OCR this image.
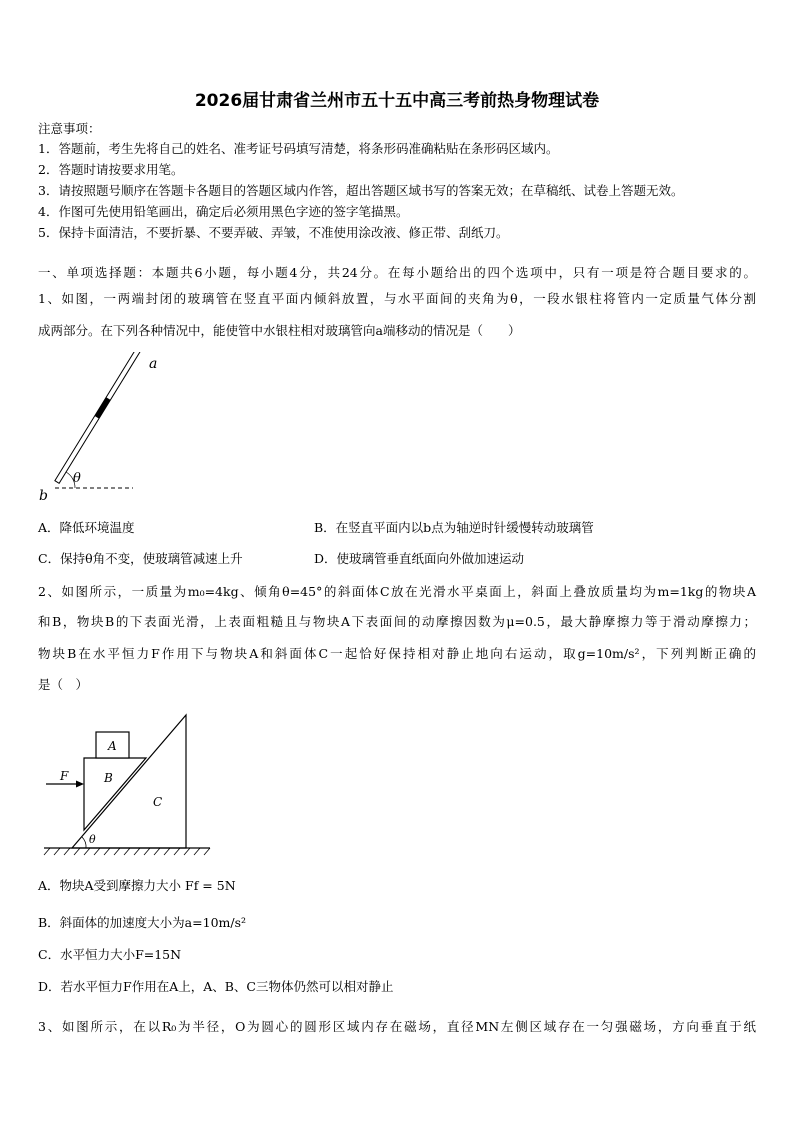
2026届甘肃省兰州市五十五中高三考前热身物理试卷
注意事项：
1．答题前，考生先将自己的姓名、准考证号码填写清楚，将条形码准确粘贴在条形码区域内。
2．答题时请按要求用笔。
3．请按照题号顺序在答题卡各题目的答题区域内作答，超出答题区域书写的答案无效；在草稿纸、试卷上答题无效。
4．作图可先使用铅笔画出，确定后必须用黑色字迹的签字笔描黑。
5．保持卡面清洁，不要折暴、不要弄破、弄皱，不准使用涂改液、修正带、刮纸刀。
一、单项选择题：本题共6小题，每小题4分，共24分。在每小题给出的四个选项中，只有一项是符合题目要求的。
1、如图，一两端封闭的玻璃管在竖直平面内倾斜放置，与水平面间的夹角为θ，一段水银柱将管内一定质量气体分割
成两部分。在下列各种情况中，能使管中水银柱相对玻璃管向a端移动的情况是（　　）
a
b
θ
A．降低环境温度	B．在竖直平面内以b点为轴逆时针缓慢转动玻璃管
C．保持θ角不变，使玻璃管减速上升	D．使玻璃管垂直纸面向外做加速运动
2、如图所示，一质量为m₀=4kg、倾角θ=45°的斜面体C放在光滑水平桌面上，斜面上叠放质量均为m=1kg的物块A
和B，物块B的下表面光滑，上表面粗糙且与物块A下表面间的动摩擦因数为μ=0.5，最大静摩擦力等于滑动摩擦力；
物块B在水平恒力F作用下与物块A和斜面体C一起恰好保持相对静止地向右运动，取g=10m/s²，下列判断正确的
是（　）
A
B
C
F
θ
A．物块A受到摩擦力大小 Ff = 5N
B．斜面体的加速度大小为a=10m/s²
C．水平恒力大小F=15N
D．若水平恒力F作用在A上，A、B、C三物体仍然可以相对静止
3、如图所示，在以R₀为半径，O为圆心的圆形区域内存在磁场，直径MN左侧区域存在一匀强磁场，方向垂直于纸
